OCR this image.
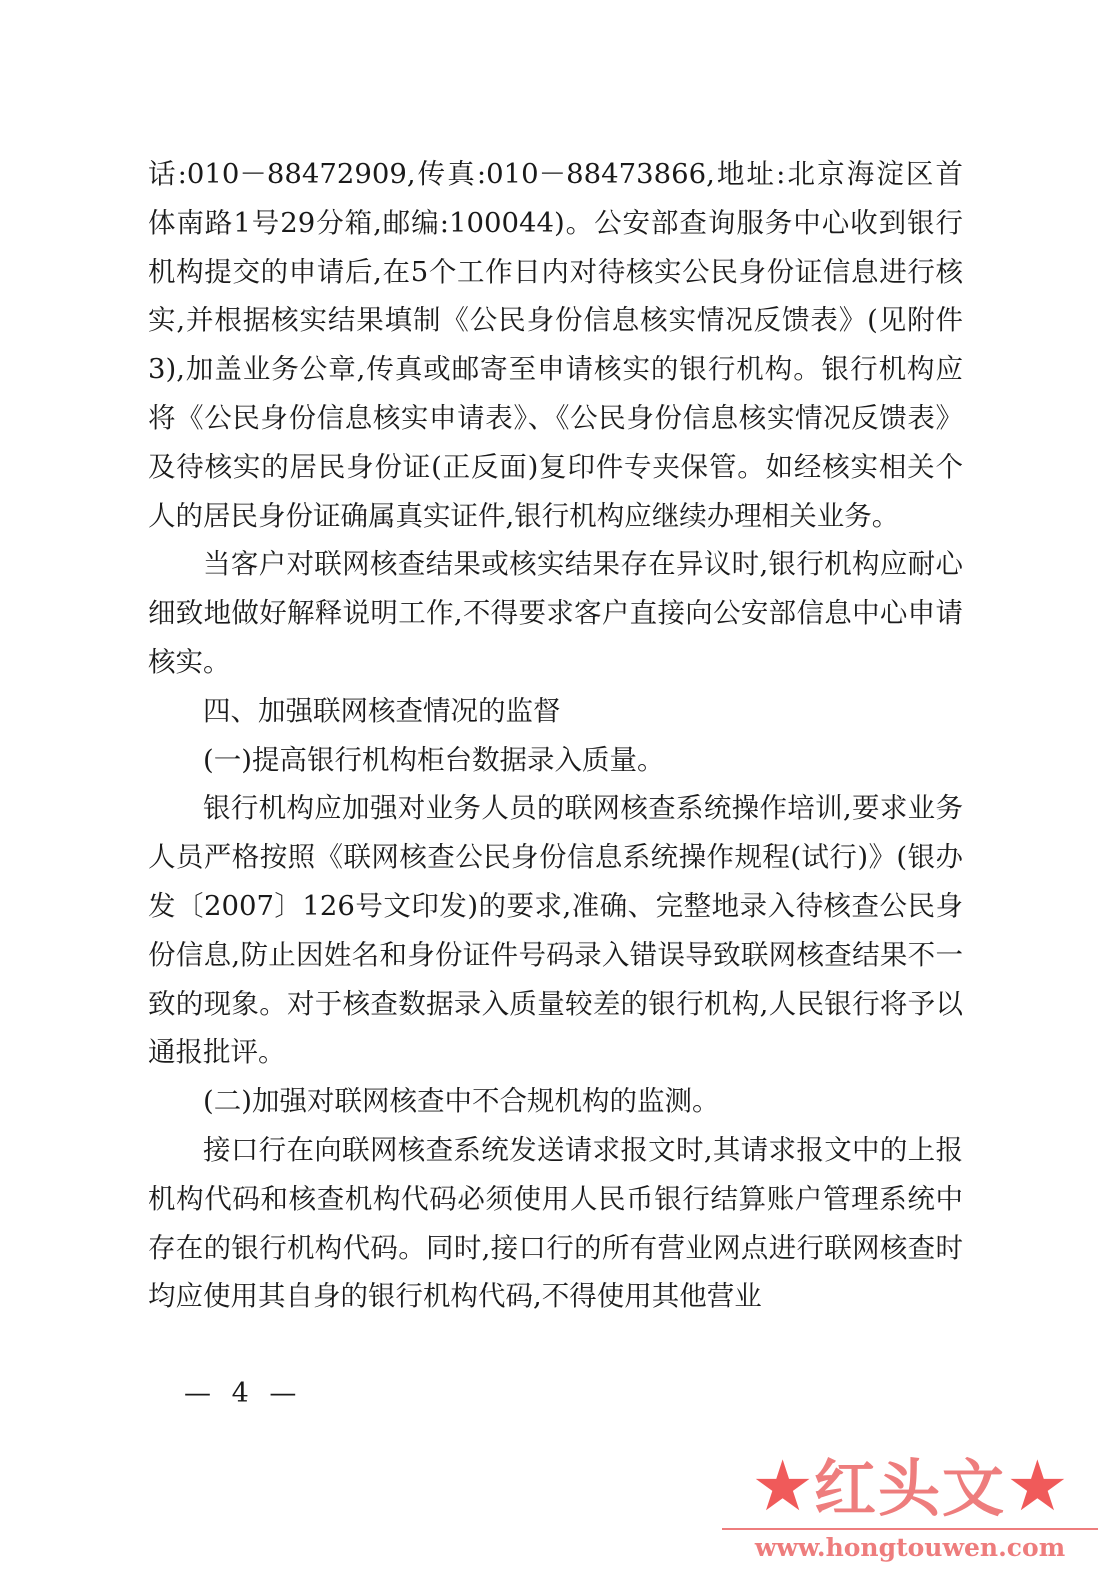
话:010－88472909,传真:010－88473866,地址:北京海淀区首体南路1号29分箱,邮编:100044)。公安部查询服务中心收到银行机构提交的申请后,在5个工作日内对待核实公民身份证信息进行核实,并根据核实结果填制《公民身份信息核实情况反馈表》(见附件3),加盖业务公章,传真或邮寄至申请核实的银行机构。银行机构应将《公民身份信息核实申请表》、《公民身份信息核实情况反馈表》及待核实的居民身份证(正反面)复印件专夹保管。如经核实相关个人的居民身份证确属真实证件,银行机构应继续办理相关业务。

当客户对联网核查结果或核实结果存在异议时,银行机构应耐心细致地做好解释说明工作,不得要求客户直接向公安部信息中心申请核实。

四、加强联网核查情况的监督

(一)提高银行机构柜台数据录入质量。

银行机构应加强对业务人员的联网核查系统操作培训,要求业务人员严格按照《联网核查公民身份信息系统操作规程(试行)》(银办发〔2007〕126号文印发)的要求,准确、完整地录入待核查公民身份信息,防止因姓名和身份证件号码录入错误导致联网核查结果不一致的现象。对于核查数据录入质量较差的银行机构,人民银行将予以通报批评。

(二)加强对联网核查中不合规机构的监测。

接口行在向联网核查系统发送请求报文时,其请求报文中的上报机构代码和核查机构代码必须使用人民币银行结算账户管理系统中存在的银行机构代码。同时,接口行的所有营业网点进行联网核查时均应使用其自身的银行机构代码,不得使用其他营业

— 4 —
★红头文★
www.hongtouwen.com
